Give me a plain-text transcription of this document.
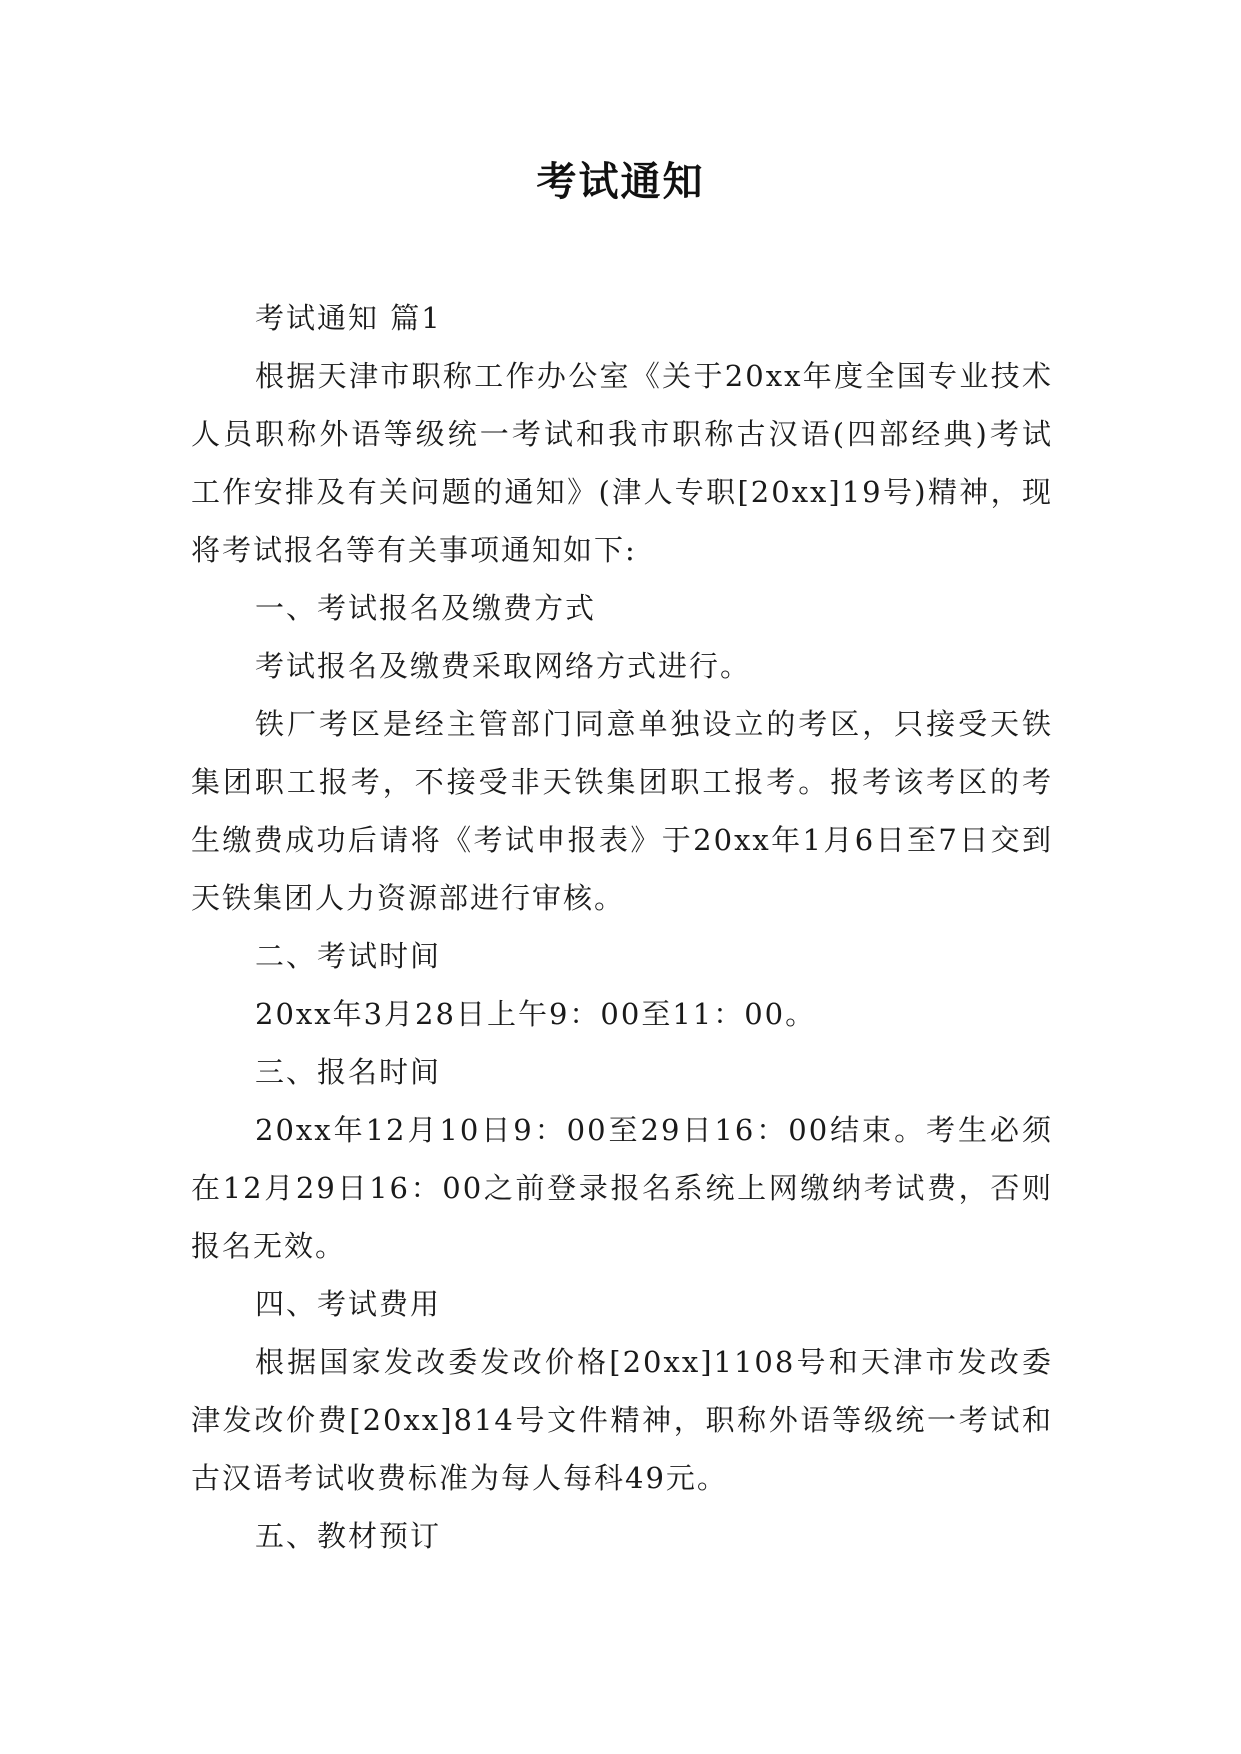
考试通知

考试通知 篇1

根据天津市职称工作办公室《关于20xx年度全国专业技术人员职称外语等级统一考试和我市职称古汉语(四部经典)考试工作安排及有关问题的通知》(津人专职[20xx]19号)精神，现将考试报名等有关事项通知如下:

一、考试报名及缴费方式

考试报名及缴费采取网络方式进行。

铁厂考区是经主管部门同意单独设立的考区，只接受天铁集团职工报考，不接受非天铁集团职工报考。报考该考区的考生缴费成功后请将《考试申报表》于20xx年1月6日至7日交到天铁集团人力资源部进行审核。

二、考试时间

20xx年3月28日上午9：00至11：00。

三、报名时间

20xx年12月10日9：00至29日16：00结束。考生必须在12月29日16：00之前登录报名系统上网缴纳考试费，否则报名无效。

四、考试费用

根据国家发改委发改价格[20xx]1108号和天津市发改委津发改价费[20xx]814号文件精神，职称外语等级统一考试和古汉语考试收费标准为每人每科49元。

五、教材预订
